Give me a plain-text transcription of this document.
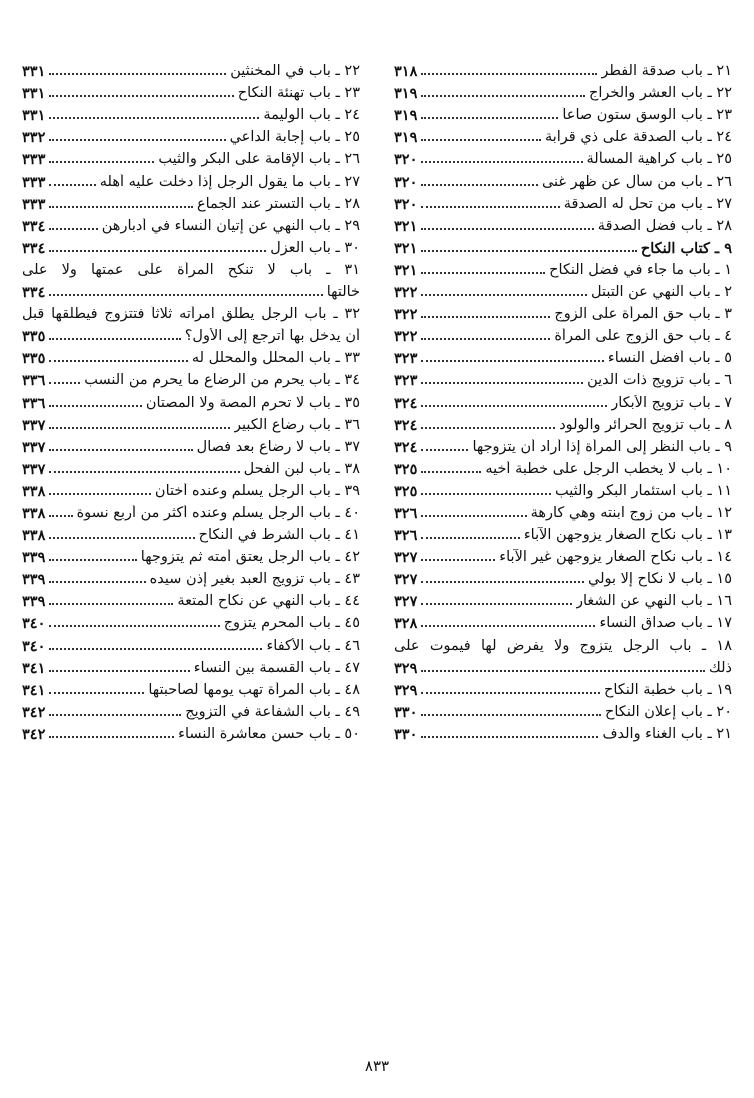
٢١ ـ باب صدقة الفطر
٣١٨
٢٢ ـ باب العشر والخراج
٣١٩
٢٣ ـ باب الوسق ستون صاعاً
٣١٩
٢٤ ـ باب الصدقة على ذي قرابة
٣١٩
٢٥ ـ باب كراهية المسألة
٣٢٠
٢٦ ـ باب من سأل عن ظهر غنى
٣٢٠
٢٧ ـ باب من تحل له الصدقة
٣٢٠
٢٨ ـ باب فضل الصدقة
٣٢١
٩ ـ كتاب النكاح
٣٢١
١ ـ باب ما جاء في فضل النكاح
٣٢١
٢ ـ باب النهي عن التبتل
٣٢٢
٣ ـ باب حق المرأة على الزوج
٣٢٢
٤ ـ باب حق الزوج على المرأة
٣٢٢
٥ ـ باب أفضل النساء
٣٢٣
٦ ـ باب تزويج ذات الدين
٣٢٣
٧ ـ باب تزويج الأبكار
٣٢٤
٨ ـ باب تزويج الحرائر والولود
٣٢٤
٩ ـ باب النظر إلى المرأة إذا أراد أن يتزوجها
٣٢٤
١٠ ـ باب لا يخطب الرجل على خطبة أخيه
٣٢٥
١١ ـ باب استئمار البكر والثيب
٣٢٥
١٢ ـ باب من زوج ابنته وهي كارهة
٣٢٦
١٣ ـ باب نكاح الصغار يزوجهن الآباء
٣٢٦
١٤ ـ باب نكاح الصغار يزوجهن غير الآباء
٣٢٧
١٥ ـ باب لا نكاح إلا بولي
٣٢٧
١٦ ـ باب النهي عن الشغار
٣٢٧
١٧ ـ باب صداق النساء
٣٢٨
١٨ ـ باب الرجل يتزوج ولا يفرض لها فيموت على
ذلك
٣٢٩
١٩ ـ باب خطبة النكاح
٣٢٩
٢٠ ـ باب إعلان النكاح
٣٣٠
٢١ ـ باب الغناء والدف
٣٣٠
٢٢ ـ باب في المخنثين
٣٣١
٢٣ ـ باب تهنئة النكاح
٣٣١
٢٤ ـ باب الوليمة
٣٣١
٢٥ ـ باب إجابة الداعي
٣٣٢
٢٦ ـ باب الإقامة على البكر والثيب
٣٣٣
٢٧ ـ باب ما يقول الرجل إذا دخلت عليه أهله
٣٣٣
٢٨ ـ باب التستر عند الجماع
٣٣٣
٢٩ ـ باب النهي عن إتيان النساء في أدبارهن
٣٣٤
٣٠ ـ باب العزل
٣٣٤
٣١ ـ باب لا تنكح المرأة على عمتها ولا على
خالتها
٣٣٤
٣٢ ـ باب الرجل يطلق امرأته ثلاثاً فتتزوج فيطلقها قبل
أن يدخل بها أترجع إلى الأول؟
٣٣٥
٣٣ ـ باب المحلل والمحلل له
٣٣٥
٣٤ ـ باب يحرم من الرضاع ما يحرم من النسب
٣٣٦
٣٥ ـ باب لا تحرم المصة ولا المصتان
٣٣٦
٣٦ ـ باب رضاع الكبير
٣٣٧
٣٧ ـ باب لا رضاع بعد فصال
٣٣٧
٣٨ ـ باب لبن الفحل
٣٣٧
٣٩ ـ باب الرجل يسلم وعنده أختان
٣٣٨
٤٠ ـ باب الرجل يسلم وعنده أكثر من أربع نسوة
٣٣٨
٤١ ـ باب الشرط في النكاح
٣٣٨
٤٢ ـ باب الرجل يعتق أمته ثم يتزوجها
٣٣٩
٤٣ ـ باب تزويج العبد بغير إذن سيده
٣٣٩
٤٤ ـ باب النهي عن نكاح المتعة
٣٣٩
٤٥ ـ باب المحرم يتزوج
٣٤٠
٤٦ ـ باب الأكفاء
٣٤٠
٤٧ ـ باب القسمة بين النساء
٣٤١
٤٨ ـ باب المرأة تهب يومها لصاحبتها
٣٤١
٤٩ ـ باب الشفاعة في التزويج
٣٤٢
٥٠ ـ باب حسن معاشرة النساء
٣٤٢
٨٣٣
